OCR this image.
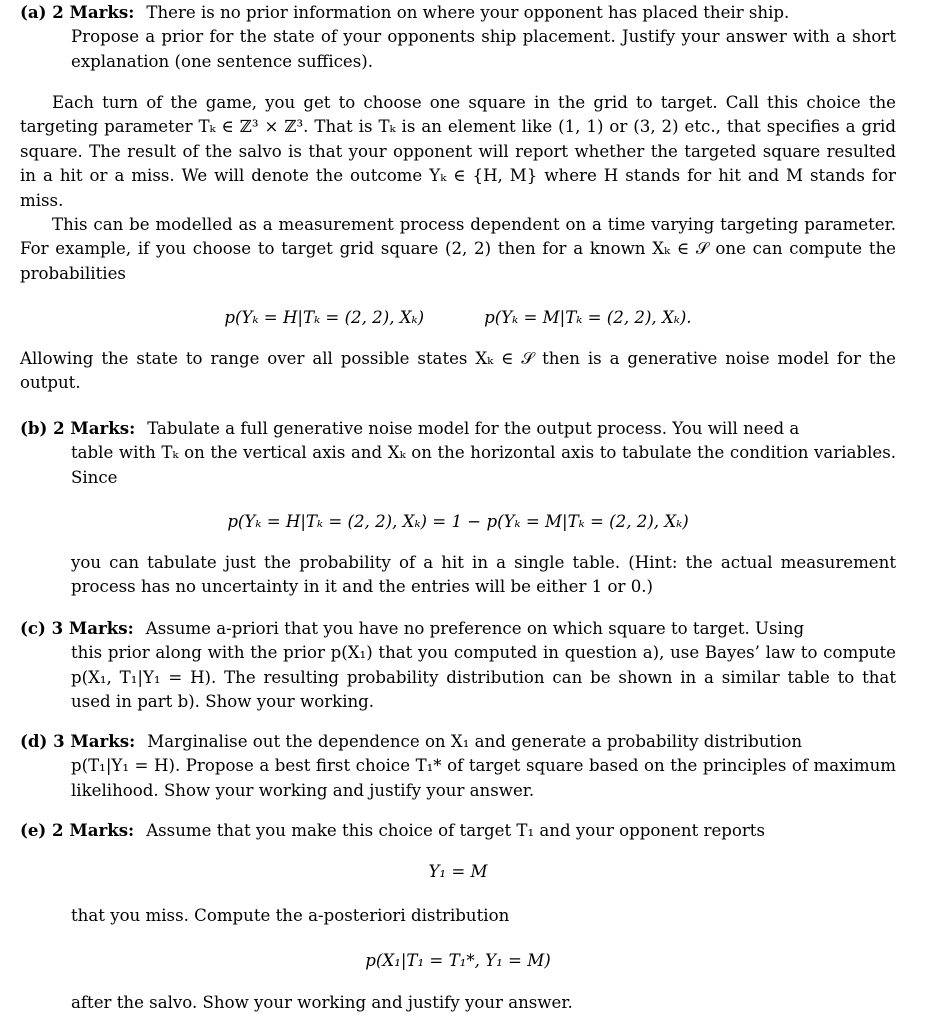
(a) 2 Marks: There is no prior information on where your opponent has placed their ship.

Propose a prior for the state of your opponents ship placement. Justify your answer with a short explanation (one sentence suffices).

Each turn of the game, you get to choose one square in the grid to target. Call this choice the targeting parameter Tₖ ∈ ℤ³ × ℤ³. That is Tₖ is an element like (1, 1) or (3, 2) etc., that specifies a grid square. The result of the salvo is that your opponent will report whether the targeted square resulted in a hit or a miss. We will denote the outcome Yₖ ∈ {H, M} where H stands for hit and M stands for miss.

This can be modelled as a measurement process dependent on a time varying targeting parameter. For example, if you choose to target grid square (2, 2) then for a known Xₖ ∈ 𝒮 one can compute the probabilities

p(Yₖ = H|Tₖ = (2, 2), Xₖ)	p(Yₖ = M|Tₖ = (2, 2), Xₖ).

Allowing the state to range over all possible states Xₖ ∈ 𝒮 then is a generative noise model for the output.

(b) 2 Marks: Tabulate a full generative noise model for the output process. You will need a

table with Tₖ on the vertical axis and Xₖ on the horizontal axis to tabulate the condition variables. Since

p(Yₖ = H|Tₖ = (2, 2), Xₖ) = 1 − p(Yₖ = M|Tₖ = (2, 2), Xₖ)

you can tabulate just the probability of a hit in a single table. (Hint: the actual measurement process has no uncertainty in it and the entries will be either 1 or 0.)

(c) 3 Marks: Assume a-priori that you have no preference on which square to target. Using

this prior along with the prior p(X₁) that you computed in question a), use Bayes’ law to compute p(X₁, T₁|Y₁ = H). The resulting probability distribution can be shown in a similar table to that used in part b). Show your working.

(d) 3 Marks: Marginalise out the dependence on X₁ and generate a probability distribution

p(T₁|Y₁ = H). Propose a best first choice T₁* of target square based on the principles of maximum likelihood. Show your working and justify your answer.

(e) 2 Marks: Assume that you make this choice of target T₁ and your opponent reports
Y₁ = M

that you miss. Compute the a-posteriori distribution

p(X₁|T₁ = T₁*, Y₁ = M)

after the salvo. Show your working and justify your answer.
